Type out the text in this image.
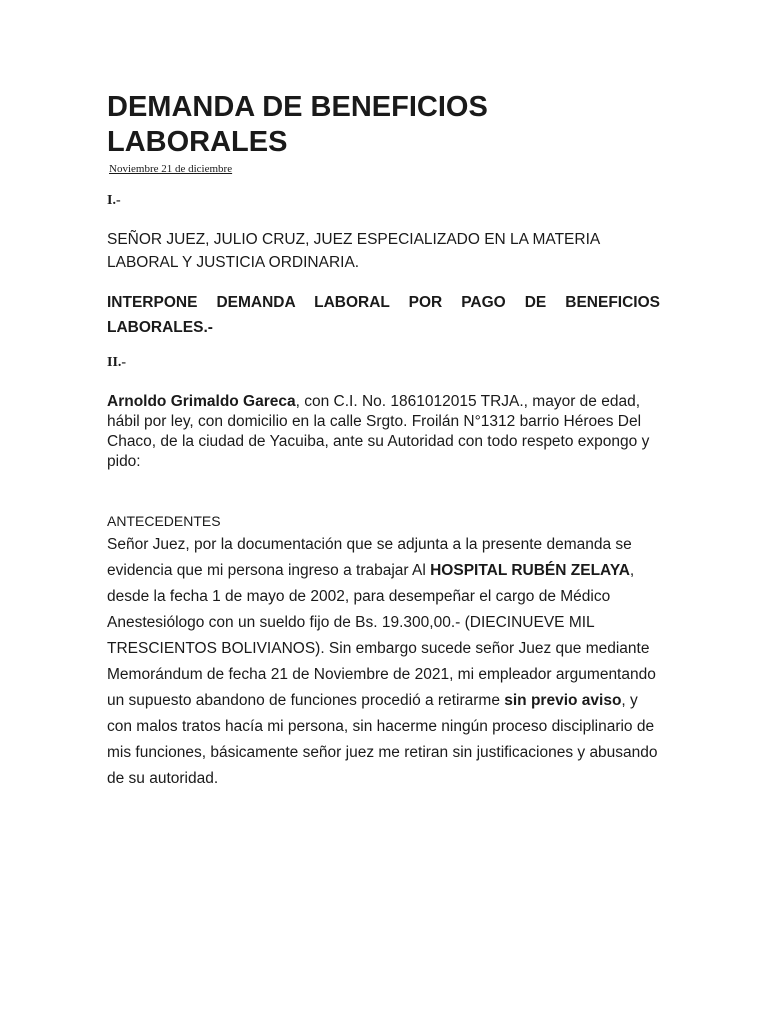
DEMANDA DE BENEFICIOS
LABORALES
Noviembre 21 de diciembre
I.-

SEÑOR JUEZ, JULIO CRUZ, JUEZ ESPECIALIZADO EN LA MATERIA LABORAL Y JUSTICIA ORDINARIA.

INTERPONE DEMANDA LABORAL POR PAGO DE BENEFICIOS LABORALES.-

II.-

Arnoldo Grimaldo Gareca, con C.I. No. 1861012015 TRJA., mayor de edad, hábil por ley, con domicilio en la calle Srgto. Froilán N°1312 barrio Héroes Del Chaco, de la ciudad de Yacuiba, ante su Autoridad con todo respeto expongo y pido:

ANTECEDENTES

Señor Juez, por la documentación que se adjunta a la presente demanda se evidencia que mi persona ingreso a trabajar Al HOSPITAL RUBÉN ZELAYA, desde la fecha 1 de mayo de 2002, para desempeñar el cargo de Médico Anestesiólogo con un sueldo fijo de Bs. 19.300,00.- (DIECINUEVE MIL TRESCIENTOS BOLIVIANOS). Sin embargo sucede señor Juez que mediante Memorándum de fecha 21 de Noviembre de 2021, mi empleador argumentando un supuesto abandono de funciones procedió a retirarme sin previo aviso, y con malos tratos hacía mi persona, sin hacerme ningún proceso disciplinario de mis funciones, básicamente señor juez me retiran sin justificaciones y abusando de su autoridad.
